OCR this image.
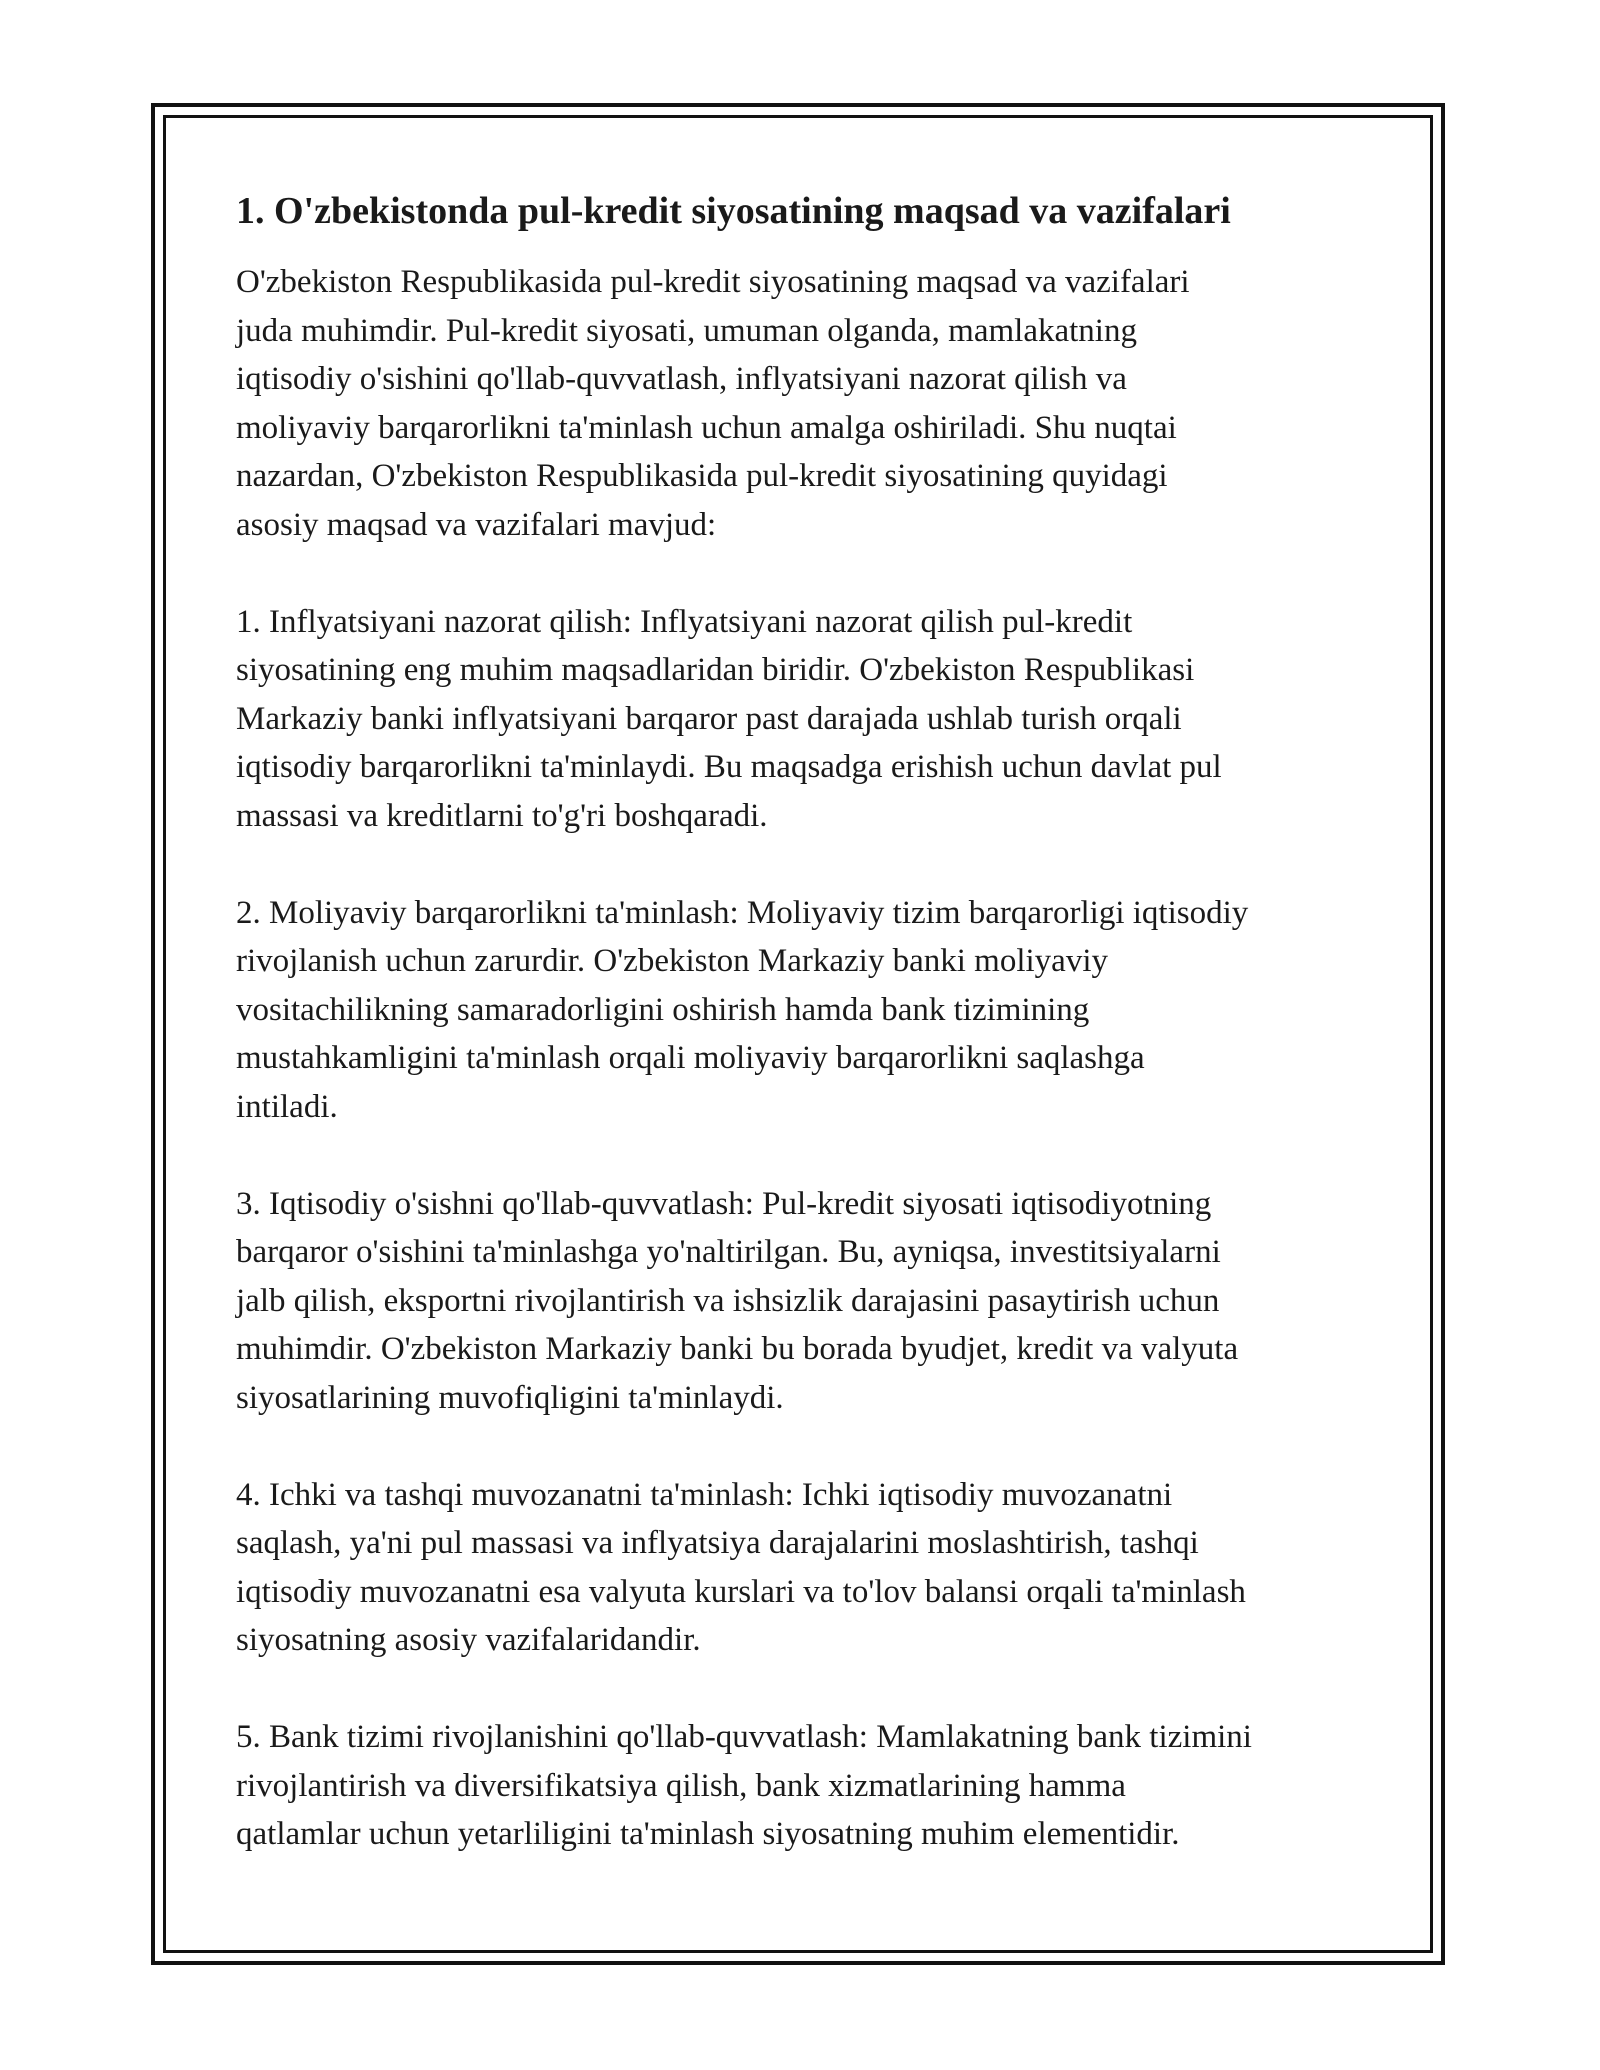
1. O'zbekistonda pul-kredit siyosatining maqsad va vazifalari
O'zbekiston Respublikasida pul-kredit siyosatining maqsad va vazifalari
juda muhimdir. Pul-kredit siyosati, umuman olganda, mamlakatning
iqtisodiy o'sishini qo'llab-quvvatlash, inflyatsiyani nazorat qilish va
moliyaviy barqarorlikni ta'minlash uchun amalga oshiriladi. Shu nuqtai
nazardan, O'zbekiston Respublikasida pul-kredit siyosatining quyidagi
asosiy maqsad va vazifalari mavjud:
1. Inflyatsiyani nazorat qilish: Inflyatsiyani nazorat qilish pul-kredit
siyosatining eng muhim maqsadlaridan biridir. O'zbekiston Respublikasi
Markaziy banki inflyatsiyani barqaror past darajada ushlab turish orqali
iqtisodiy barqarorlikni ta'minlaydi. Bu maqsadga erishish uchun davlat pul
massasi va kreditlarni to'g'ri boshqaradi.
2. Moliyaviy barqarorlikni ta'minlash: Moliyaviy tizim barqarorligi iqtisodiy
rivojlanish uchun zarurdir. O'zbekiston Markaziy banki moliyaviy
vositachilikning samaradorligini oshirish hamda bank tizimining
mustahkamligini ta'minlash orqali moliyaviy barqarorlikni saqlashga
intiladi.
3. Iqtisodiy o'sishni qo'llab-quvvatlash: Pul-kredit siyosati iqtisodiyotning
barqaror o'sishini ta'minlashga yo'naltirilgan. Bu, ayniqsa, investitsiyalarni
jalb qilish, eksportni rivojlantirish va ishsizlik darajasini pasaytirish uchun
muhimdir. O'zbekiston Markaziy banki bu borada byudjet, kredit va valyuta
siyosatlarining muvofiqligini ta'minlaydi.
4. Ichki va tashqi muvozanatni ta'minlash: Ichki iqtisodiy muvozanatni
saqlash, ya'ni pul massasi va inflyatsiya darajalarini moslashtirish, tashqi
iqtisodiy muvozanatni esa valyuta kurslari va to'lov balansi orqali ta'minlash
siyosatning asosiy vazifalaridandir.
5. Bank tizimi rivojlanishini qo'llab-quvvatlash: Mamlakatning bank tizimini
rivojlantirish va diversifikatsiya qilish, bank xizmatlarining hamma
qatlamlar uchun yetarliligini ta'minlash siyosatning muhim elementidir.
